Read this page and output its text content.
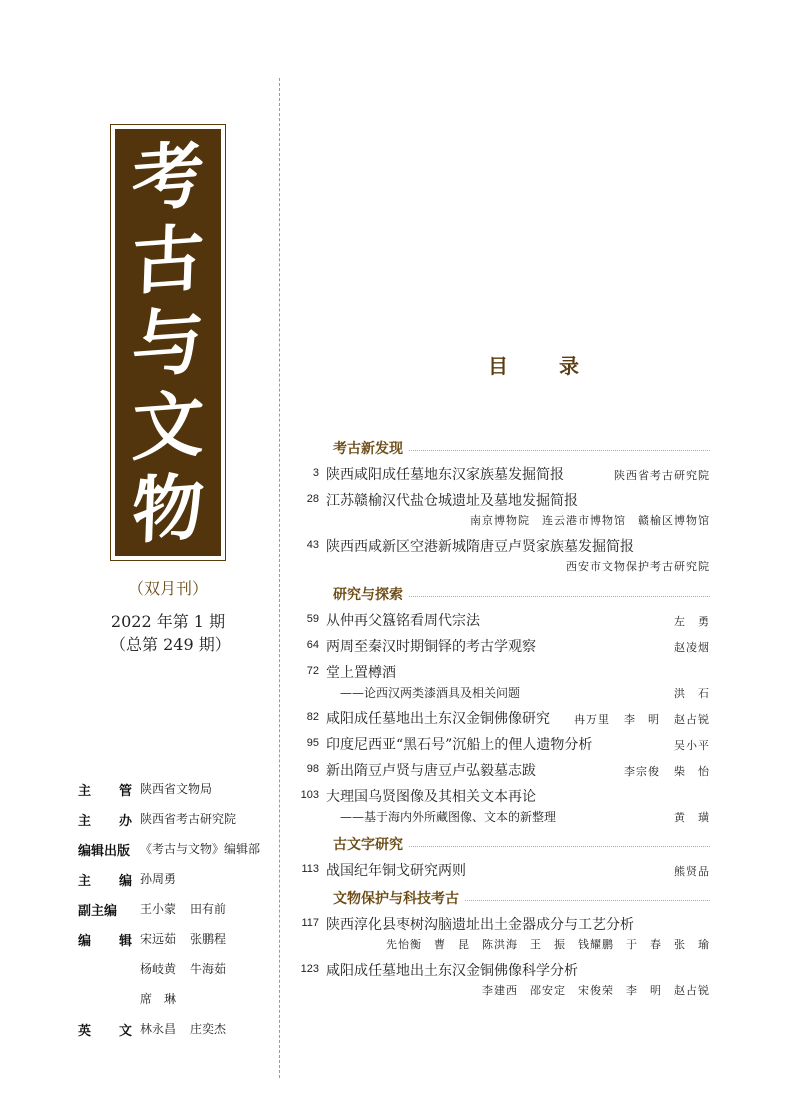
考
古
与
文
物
（双月刊）
2022 年第 1 期
（总第 249 期）
主 管 陕西省文物局
主 办 陕西省考古研究院
编辑出版 《考古与文物》编辑部
主 编 孙周勇
副主编	王小蒙 田有前
编 辑 宋远茹 张鹏程
杨岐黄 牛海茹
席　琳
英 文 林永昌 庄奕杰
目 录
考古新发现
3 陕西咸阳成任墓地东汉家族墓发掘简报	陕西省考古研究院
28 江苏赣榆汉代盐仓城遗址及墓地发掘简报
南京博物院 连云港市博物馆 赣榆区博物馆
43 陕西西咸新区空港新城隋唐豆卢贤家族墓发掘简报
西安市文物保护考古研究院
研究与探索
59 从仲再父簋铭看周代宗法	左　勇
64 两周至秦汉时期铜铎的考古学观察	赵凌烟
72 堂上置樽酒
——论西汉两类漆酒具及相关问题	洪　石
82 咸阳成任墓地出土东汉金铜佛像研究	冉万里 李　明 赵占锐
95 印度尼西亚“黑石号”沉船上的俚人遗物分析	吴小平
98 新出隋豆卢贤与唐豆卢弘毅墓志跋	李宗俊 柴　怡
103 大理国乌贤图像及其相关文本再论
——基于海内外所藏图像、文本的新整理	黄　璜
古文字研究
113 战国纪年铜戈研究两则	熊贤品
文物保护与科技考古
117 陕西淳化县枣树沟脑遗址出土金器成分与工艺分析
先怡衡 曹　昆 陈洪海 王　振 钱耀鹏 于　春 张　瑜
123 咸阳成任墓地出土东汉金铜佛像科学分析
李建西 邵安定 宋俊荣 李　明 赵占锐
